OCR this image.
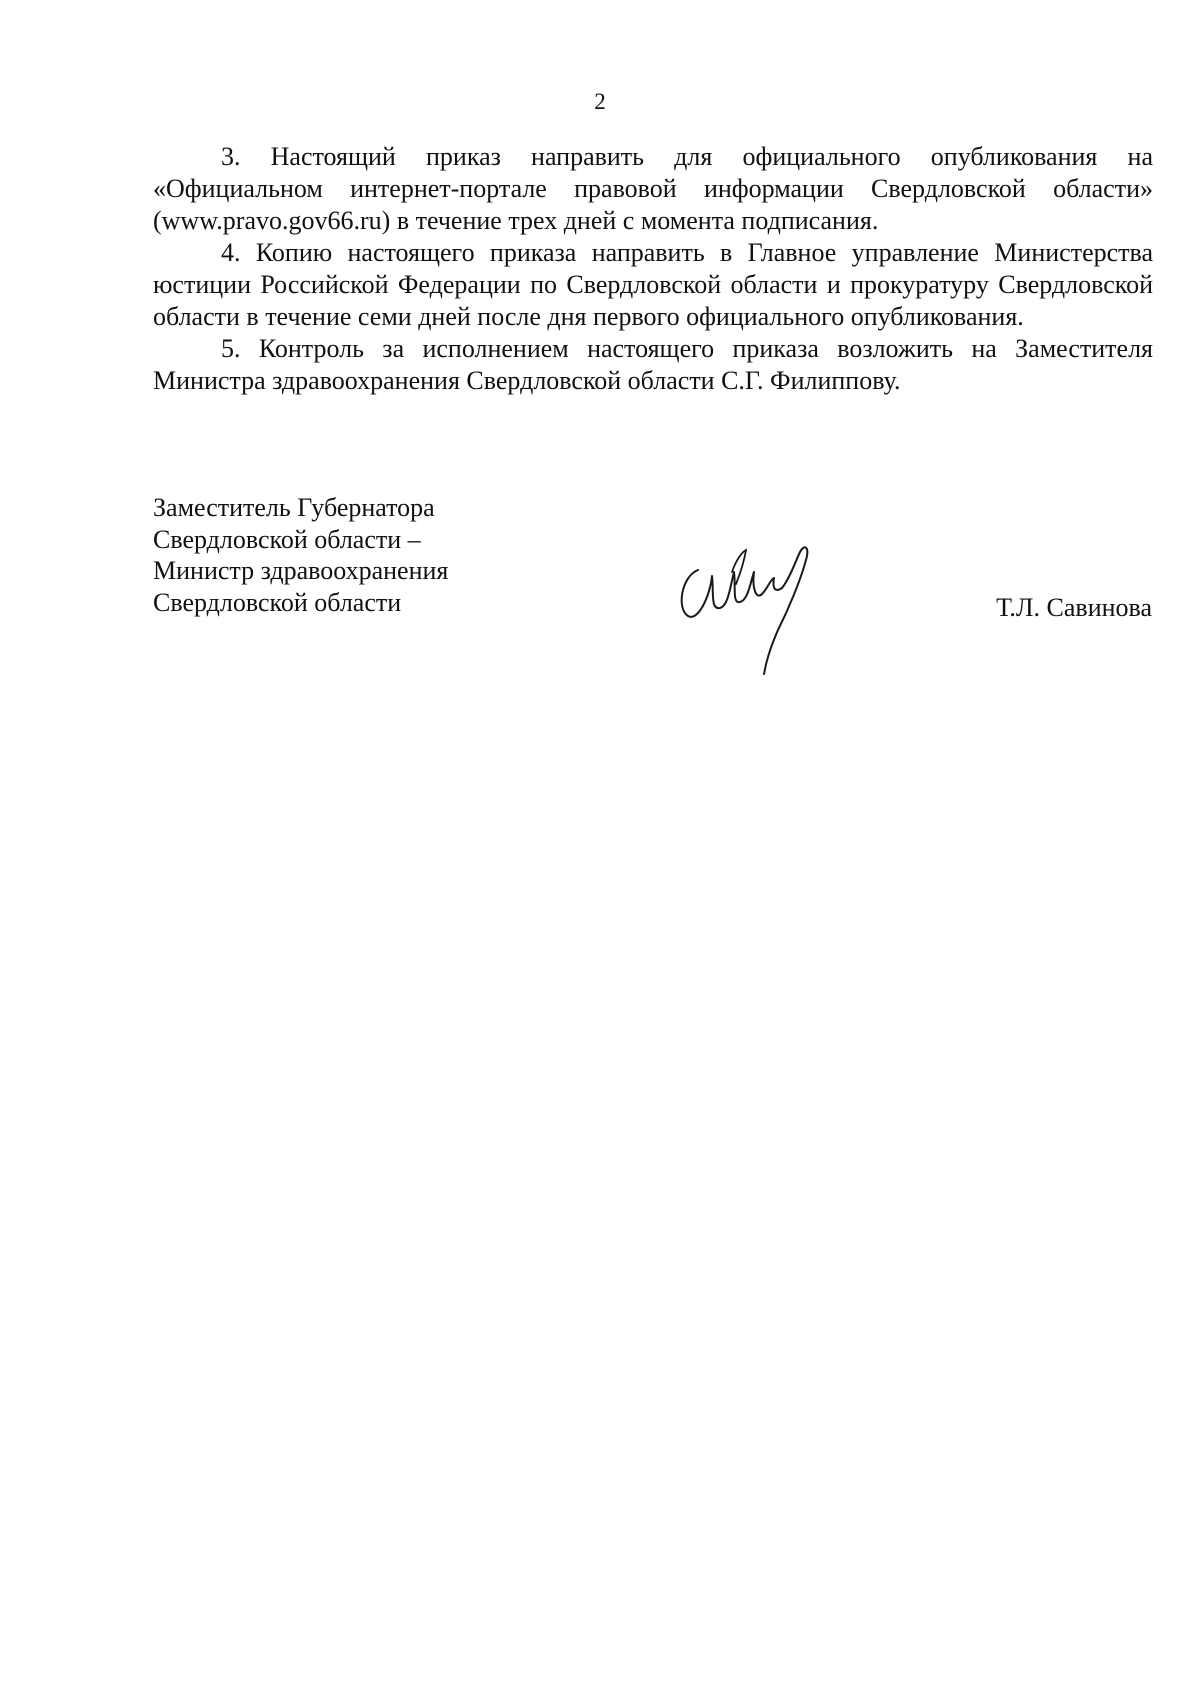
2

3. Настоящий приказ направить для официального опубликования на «Официальном интернет-портале правовой информации Свердловской области» (www.pravo.gov66.ru) в течение трех дней с момента подписания.

4. Копию настоящего приказа направить в Главное управление Министерства юстиции Российской Федерации по Свердловской области и прокуратуру Свердловской области в течение семи дней после дня первого официального опубликования.

5. Контроль за исполнением настоящего приказа возложить на Заместителя Министра здравоохранения Свердловской области С.Г. Филиппову.

Заместитель Губернатора
Свердловской области –
Министр здравоохранения
Свердловской области	Т.Л. Савинова
